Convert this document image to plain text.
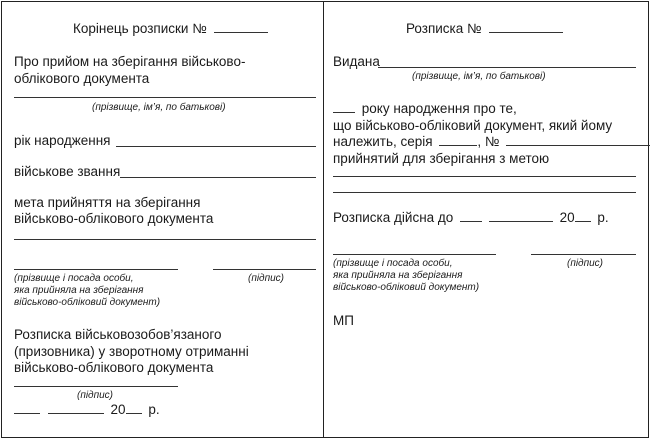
Корінець розписки №
Про прийом на зберігання військово-
облікового документа
(прізвище, ім’я, по батькові)
рік народження
військове звання
мета прийняття на зберігання
військово-облікового документа
(прізвище і посада особи,	(підпис)
яка прийняла на зберігання
військово-обліковий документ)
Розписка військовозобов’язаного
(призовника) у зворотному отриманні
військово-облікового документа
(підпис)
20 р.
Розписка №
Видана
(прізвище, ім’я, по батькові)
року народження про те,
що військово-обліковий документ, який йому
належить, серія	, №
прийнятий для зберігання з метою
Розписка дійсна до	20 р.
(прізвище і посада особи,	(підпис)
яка прийняла на зберігання
військово-обліковий документ)
МП
